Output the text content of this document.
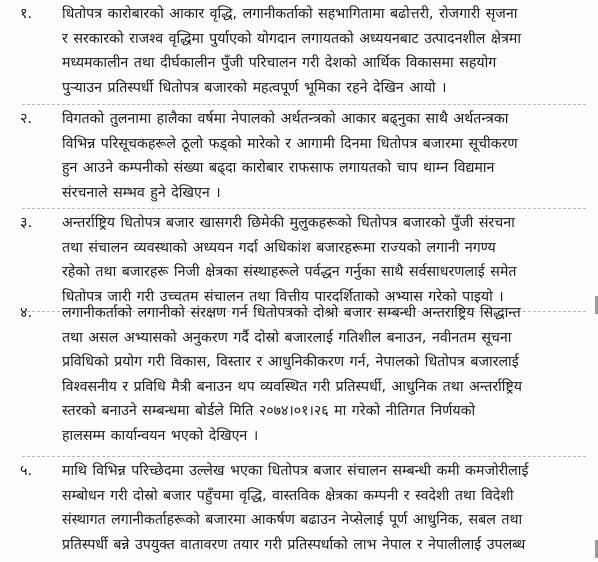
१.	धितोपत्र कारोबारको आकार वृद्धि, लगानीकर्ताको सहभागितामा बढोत्तरी, रोजगारी सृजना
र सरकारको राजश्व वृद्धिमा पुर्याएको योगदान लगायतको अध्ययनबाट उत्पादनशील क्षेत्रमा
मध्यमकालीन तथा दीर्घकालीन पुँजी परिचालन गरी देशको आर्थिक विकासमा सहयोग
पुऱ्याउन प्रतिस्पर्धी धितोपत्र बजारको महत्वपूर्ण भूमिका रहने देखिन आयो ।
२.	विगतको तुलनामा हालैका वर्षमा नेपालको अर्थतन्त्रको आकार बढ्नुका साथै अर्थतन्त्रका
विभिन्न परिसूचकहरूले ठूलो फड्को मारेको र आगामी दिनमा धितोपत्र बजारमा सूचीकरण
हुन आउने कम्पनीको संख्या बढ्दा कारोबार राफसाफ लगायतको चाप थाम्न विद्यमान
संरचनाले सम्भव हुने देखिएन ।
३.	अन्तर्राष्ट्रिय धितोपत्र बजार खासगरी छिमेकी मुलुकहरूको धितोपत्र बजारको पुँजी संरचना
तथा संचालन व्यवस्थाको अध्ययन गर्दा अधिकांश बजारहरूमा राज्यको लगानी नगण्य
रहेको तथा बजारहरू निजी क्षेत्रका संस्थाहरूले पर्वद्धन गर्नुका साथै सर्वसाधरणलाई समेत
धितोपत्र जारी गरी उच्चतम संचालन तथा वित्तीय पारदर्शिताको अभ्यास गरेको पाइयो ।
४.	लगानीकर्ताको लगानीको संरक्षण गर्न धितोपत्रको दोश्रो बजार सम्बन्धी अन्तराष्ट्रिय सिद्धान्त
तथा असल अभ्यासको अनुकरण गर्दै दोस्रो बजारलाई गतिशील बनाउन, नवीनतम सूचना
प्रविधिको प्रयोग गरी विकास, विस्तार र आधुनिकीकरण गर्न, नेपालको धितोपत्र बजारलाई
विश्वसनीय र प्रविधि मैत्री बनाउन थप व्यवस्थित गरी प्रतिस्पर्धी, आधुनिक तथा अन्तर्राष्ट्रिय
स्तरको बनाउने सम्बन्धमा बोर्डले मिति २०७४।०१।२६ मा गरेको नीतिगत निर्णयको
हालसम्म कार्यान्वयन भएको देखिएन ।
५.	माथि विभिन्न परिच्छेदमा उल्लेख भएका धितोपत्र बजार संचालन सम्बन्धी कमी कमजोरीलाई
सम्बोधन गरी दोस्रो बजार पहुँचमा वृद्धि, वास्तविक क्षेत्रका कम्पनी र स्वदेशी तथा विदेशी
संस्थागत लगानीकर्ताहरूको बजारमा आकर्षण बढाउन नेप्सेलाई पूर्ण आधुनिक, सबल तथा
प्रतिस्पर्धी बन्ने उपयुक्त वातावरण तयार गरी प्रतिस्पर्धाको लाभ नेपाल र नेपालीलाई उपलब्ध
